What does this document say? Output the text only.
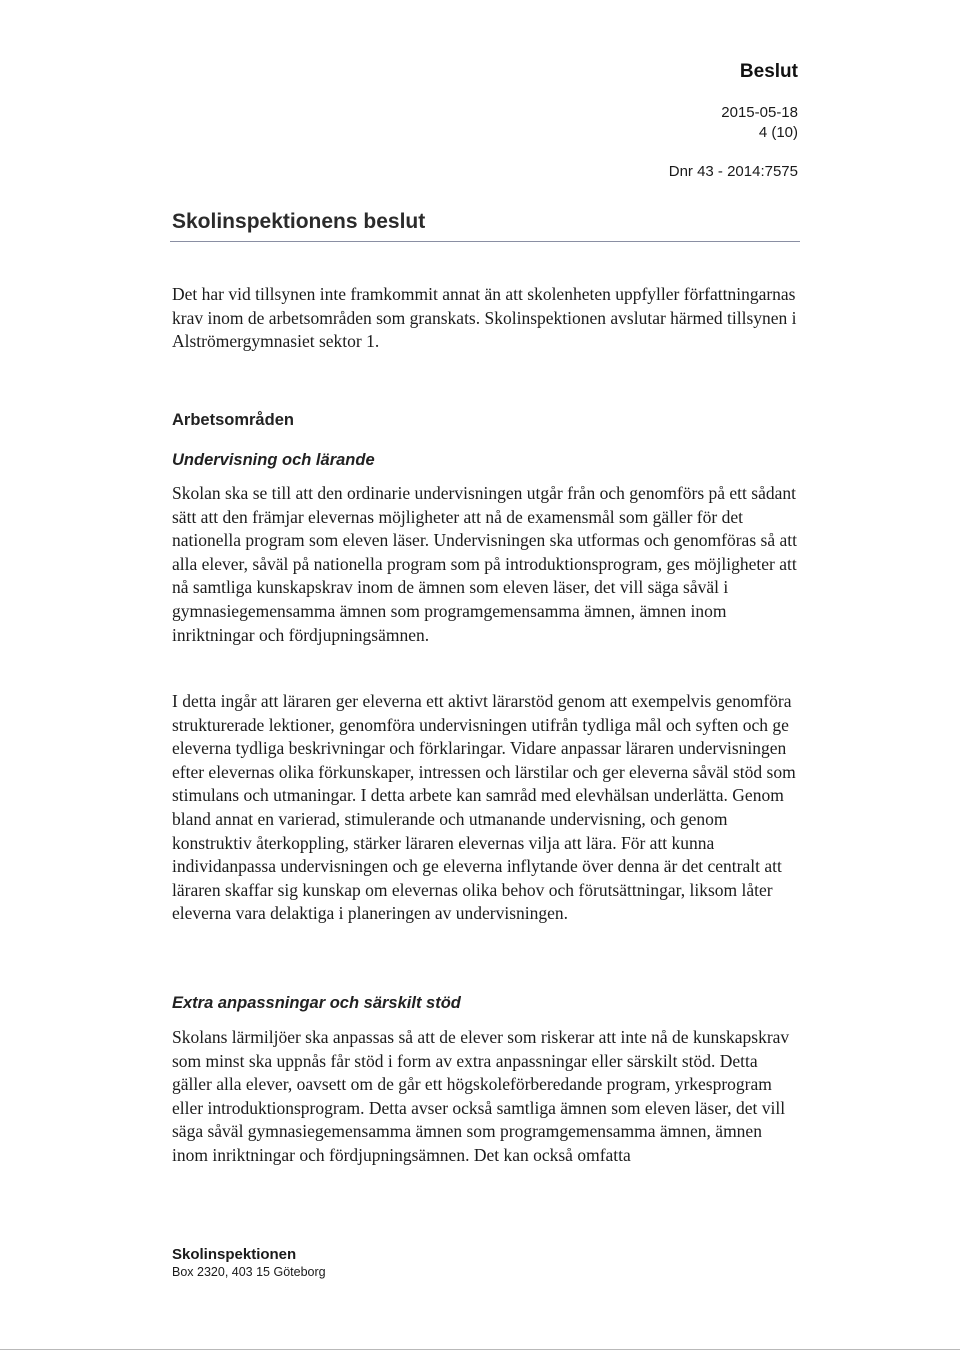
Beslut
2015-05-18
4 (10)
Dnr 43 - 2014:7575
Skolinspektionens beslut

Det har vid tillsynen inte framkommit annat än att skolenheten uppfyller författningarnas krav inom de arbetsområden som granskats. Skolinspektionen avslutar härmed tillsynen i Alströmergymnasiet sektor 1.

Arbetsområden
Undervisning och lärande

Skolan ska se till att den ordinarie undervisningen utgår från och genomförs på ett sådant sätt att den främjar elevernas möjligheter att nå de examensmål som gäller för det nationella program som eleven läser. Undervisningen ska utformas och genomföras så att alla elever, såväl på nationella program som på introduktionsprogram, ges möjligheter att nå samtliga kunskapskrav inom de ämnen som eleven läser, det vill säga såväl i gymnasiegemensamma ämnen som programgemensamma ämnen, ämnen inom inriktningar och fördjupningsämnen.

I detta ingår att läraren ger eleverna ett aktivt lärarstöd genom att exempelvis genomföra strukturerade lektioner, genomföra undervisningen utifrån tydliga mål och syften och ge eleverna tydliga beskrivningar och förklaringar. Vidare anpassar läraren undervisningen efter elevernas olika förkunskaper, intressen och lärstilar och ger eleverna såväl stöd som stimulans och utmaningar. I detta arbete kan samråd med elevhälsan underlätta. Genom bland annat en varierad, stimulerande och utmanande undervisning, och genom konstruktiv återkoppling, stärker läraren elevernas vilja att lära. För att kunna individanpassa undervisningen och ge eleverna inflytande över denna är det centralt att läraren skaffar sig kunskap om elevernas olika behov och förutsättningar, liksom låter eleverna vara delaktiga i planeringen av undervisningen.

Extra anpassningar och särskilt stöd

Skolans lärmiljöer ska anpassas så att de elever som riskerar att inte nå de kunskapskrav som minst ska uppnås får stöd i form av extra anpassningar eller särskilt stöd. Detta gäller alla elever, oavsett om de går ett högskoleförberedande program, yrkesprogram eller introduktionsprogram. Detta avser också samtliga ämnen som eleven läser, det vill säga såväl gymnasiegemensamma ämnen som programgemensamma ämnen, ämnen inom inriktningar och fördjupningsämnen. Det kan också omfatta

Skolinspektionen
Box 2320, 403 15 Göteborg
